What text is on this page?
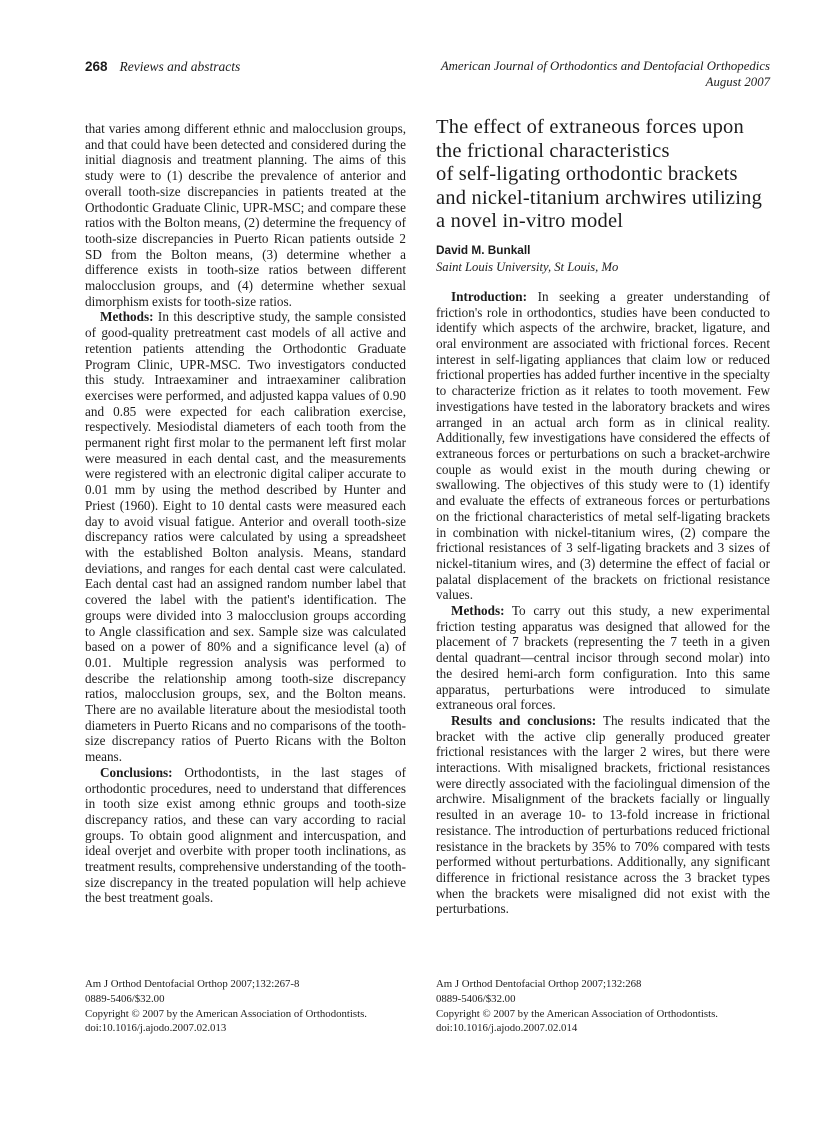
268 Reviews and abstracts	American Journal of Orthodontics and Dentofacial Orthopedics
August 2007

that varies among different ethnic and malocclusion groups, and that could have been detected and considered during the initial diagnosis and treatment planning. The aims of this study were to (1) describe the prevalence of anterior and overall tooth-size discrepancies in patients treated at the Orthodontic Graduate Clinic, UPR-MSC; and compare these ratios with the Bolton means, (2) determine the frequency of tooth-size discrepancies in Puerto Rican patients outside 2 SD from the Bolton means, (3) determine whether a difference exists in tooth-size ratios between different malocclusion groups, and (4) determine whether sexual dimorphism exists for tooth-size ratios.

Methods: In this descriptive study, the sample consisted of good-quality pretreatment cast models of all active and retention patients attending the Orthodontic Graduate Program Clinic, UPR-MSC. Two investigators conducted this study. Intraexaminer and intraexaminer calibration exercises were performed, and adjusted kappa values of 0.90 and 0.85 were expected for each calibration exercise, respectively. Mesiodistal diameters of each tooth from the permanent right first molar to the permanent left first molar were measured in each dental cast, and the measurements were registered with an electronic digital caliper accurate to 0.01 mm by using the method described by Hunter and Priest (1960). Eight to 10 dental casts were measured each day to avoid visual fatigue. Anterior and overall tooth-size discrepancy ratios were calculated by using a spreadsheet with the established Bolton analysis. Means, standard deviations, and ranges for each dental cast were calculated. Each dental cast had an assigned random number label that covered the label with the patient's identification. The groups were divided into 3 malocclusion groups according to Angle classification and sex. Sample size was calculated based on a power of 80% and a significance level (a) of 0.01. Multiple regression analysis was performed to describe the relationship among tooth-size discrepancy ratios, malocclusion groups, sex, and the Bolton means. There are no available literature about the mesiodistal tooth diameters in Puerto Ricans and no comparisons of the tooth-size discrepancy ratios of Puerto Ricans with the Bolton means.

Conclusions: Orthodontists, in the last stages of orthodontic procedures, need to understand that differences in tooth size exist among ethnic groups and tooth-size discrepancy ratios, and these can vary according to racial groups. To obtain good alignment and intercuspation, and ideal overjet and overbite with proper tooth inclinations, as treatment results, comprehensive understanding of the tooth-size discrepancy in the treated population will help achieve the best treatment goals.

The effect of extraneous forces upon
the frictional characteristics
of self-ligating orthodontic brackets
and nickel-titanium archwires utilizing
a novel in-vitro model
David M. Bunkall
Saint Louis University, St Louis, Mo

Introduction: In seeking a greater understanding of friction's role in orthodontics, studies have been conducted to identify which aspects of the archwire, bracket, ligature, and oral environment are associated with frictional forces. Recent interest in self-ligating appliances that claim low or reduced frictional properties has added further incentive in the specialty to characterize friction as it relates to tooth movement. Few investigations have tested in the laboratory brackets and wires arranged in an actual arch form as in clinical reality. Additionally, few investigations have considered the effects of extraneous forces or perturbations on such a bracket-archwire couple as would exist in the mouth during chewing or swallowing. The objectives of this study were to (1) identify and evaluate the effects of extraneous forces or perturbations on the frictional characteristics of metal self-ligating brackets in combination with nickel-titanium wires, (2) compare the frictional resistances of 3 self-ligating brackets and 3 sizes of nickel-titanium wires, and (3) determine the effect of facial or palatal displacement of the brackets on frictional resistance values.

Methods: To carry out this study, a new experimental friction testing apparatus was designed that allowed for the placement of 7 brackets (representing the 7 teeth in a given dental quadrant—central incisor through second molar) into the desired hemi-arch form configuration. Into this same apparatus, perturbations were introduced to simulate extraneous oral forces.

Results and conclusions: The results indicated that the bracket with the active clip generally produced greater frictional resistances with the larger 2 wires, but there were interactions. With misaligned brackets, frictional resistances were directly associated with the faciolingual dimension of the archwire. Misalignment of the brackets facially or lingually resulted in an average 10- to 13-fold increase in frictional resistance. The introduction of perturbations reduced frictional resistance in the brackets by 35% to 70% compared with tests performed without perturbations. Additionally, any significant difference in frictional resistance across the 3 bracket types when the brackets were misaligned did not exist with the perturbations.

Am J Orthod Dentofacial Orthop 2007;132:267-8
0889-5406/$32.00
Copyright © 2007 by the American Association of Orthodontists.
doi:10.1016/j.ajodo.2007.02.013
Am J Orthod Dentofacial Orthop 2007;132:268
0889-5406/$32.00
Copyright © 2007 by the American Association of Orthodontists.
doi:10.1016/j.ajodo.2007.02.014
